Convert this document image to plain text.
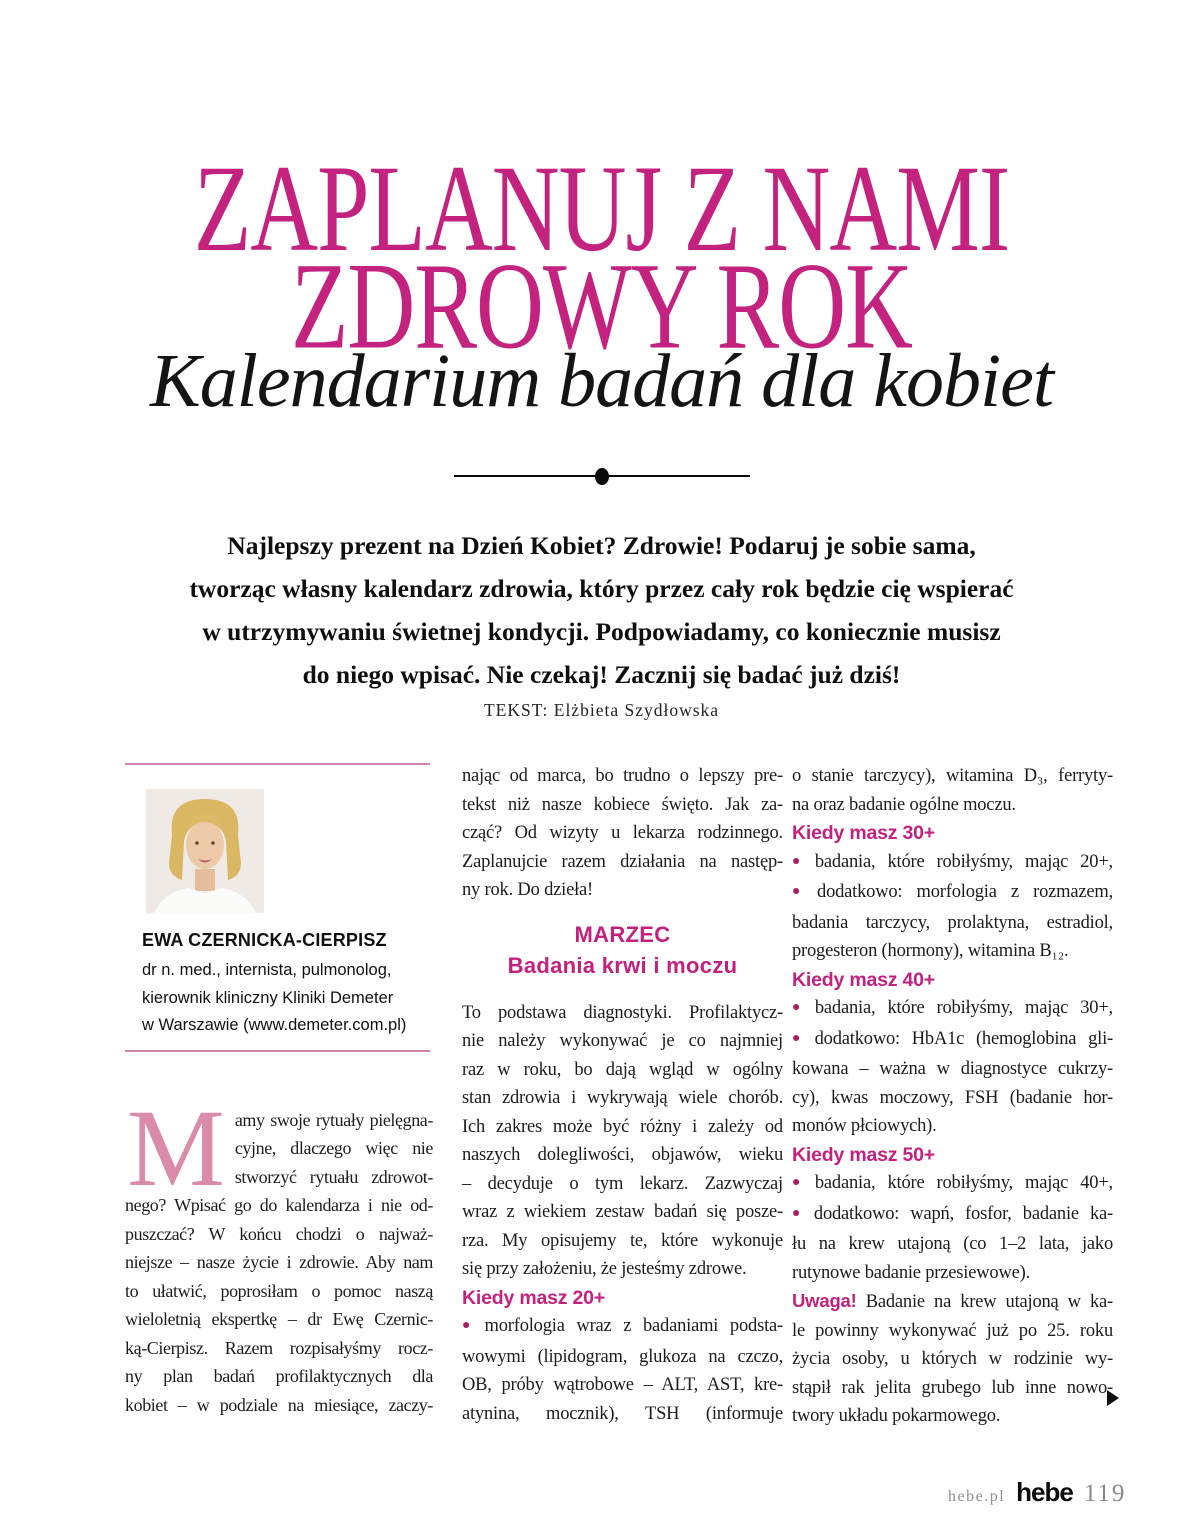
ZAPLANUJ Z NAMI
ZDROWY ROK
Kalendarium badań dla kobiet
Najlepszy prezent na Dzień Kobiet? Zdrowie! Podaruj je sobie sama,
tworząc własny kalendarz zdrowia, który przez cały rok będzie cię wspierać
w utrzymywaniu świetnej kondycji. Podpowiadamy, co koniecznie musisz
do niego wpisać. Nie czekaj! Zacznij się badać już dziś!
TEKST: Elżbieta Szydłowska
EWA CZERNICKA-CIERPISZ
dr n. med., internista, pulmonolog,
kierownik kliniczny Kliniki Demeter
w Warszawie (www.demeter.com.pl)
M amy swoje rytuały pielęgna-
cyjne, dlaczego więc nie
stworzyć rytuału zdrowot-
nego? Wpisać go do kalendarza i nie od-
puszczać? W końcu chodzi o najważ-
niejsze – nasze życie i zdrowie. Aby nam
to ułatwić, poprosiłam o pomoc naszą
wieloletnią ekspertkę – dr Ewę Czernic-
ką-Cierpisz. Razem rozpisałyśmy rocz-
ny plan badań profilaktycznych dla
kobiet – w podziale na miesiące, zaczy-
nając od marca, bo trudno o lepszy pre-
tekst niż nasze kobiece święto. Jak za-
cząć? Od wizyty u lekarza rodzinnego.
Zaplanujcie razem działania na następ-
ny rok. Do dzieła!
MARZEC
Badania krwi i moczu
To podstawa diagnostyki. Profilaktycz-
nie należy wykonywać je co najmniej
raz w roku, bo dają wgląd w ogólny
stan zdrowia i wykrywają wiele chorób.
Ich zakres może być różny i zależy od
naszych dolegliwości, objawów, wieku
– decyduje o tym lekarz. Zazwyczaj
wraz z wiekiem zestaw badań się posze-
rza. My opisujemy te, które wykonuje
się przy założeniu, że jesteśmy zdrowe.
Kiedy masz 20+
● morfologia wraz z badaniami podsta-
wowymi (lipidogram, glukoza na czczo,
OB, próby wątrobowe – ALT, AST, kre-
atynina, mocznik), TSH (informuje
o stanie tarczycy), witamina D₃, ferryty-
na oraz badanie ogólne moczu.
Kiedy masz 30+
● badania, które robiłyśmy, mając 20+,
● dodatkowo: morfologia z rozmazem,
badania tarczycy, prolaktyna, estradiol,
progesteron (hormony), witamina B₁₂.
Kiedy masz 40+
● badania, które robiłyśmy, mając 30+,
● dodatkowo: HbA1c (hemoglobina gli-
kowana – ważna w diagnostyce cukrzy-
cy), kwas moczowy, FSH (badanie hor-
monów płciowych).
Kiedy masz 50+
● badania, które robiłyśmy, mając 40+,
● dodatkowo: wapń, fosfor, badanie ka-
łu na krew utajoną (co 1–2 lata, jako
rutynowe badanie przesiewowe).
Uwaga! Badanie na krew utajoną w ka-
le powinny wykonywać już po 25. roku
życia osoby, u których w rodzinie wy-
stąpił rak jelita grubego lub inne nowo-
twory układu pokarmowego.
hebe.pl hebe 119
